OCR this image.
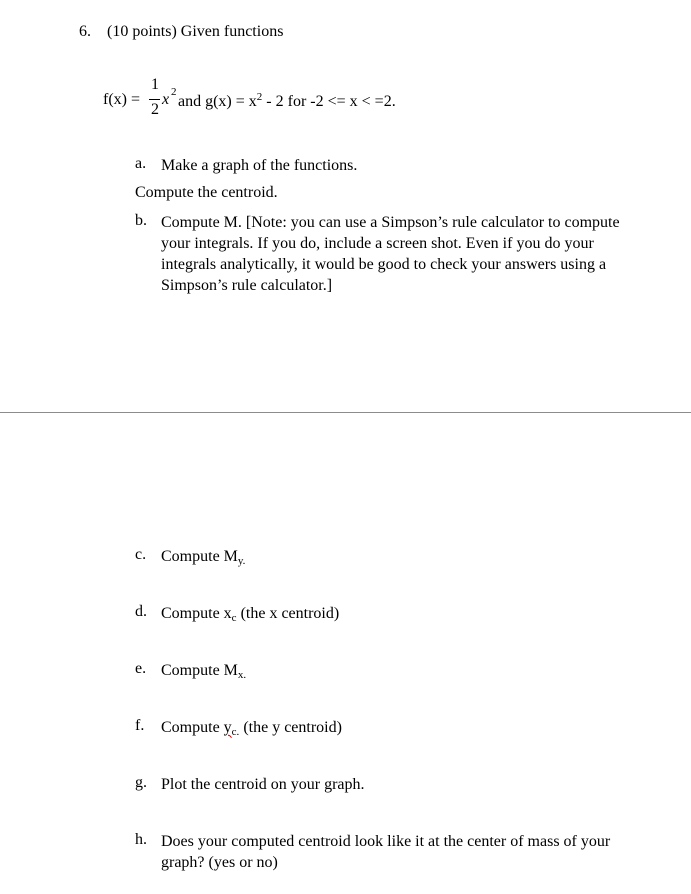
6. (10 points) Given functions
f(x) =
1
2
x 2
and $g(x) = x^2 - 2$ for -2 <= x < =2.
a. Make a graph of the functions.
Compute the centroid.
b. Compute M. [Note: you can use a Simpson’s rule calculator to compute
your integrals. If you do, include a screen shot. Even if you do your
integrals analytically, it would be good to check your answers using a
Simpson’s rule calculator.]
c. Compute $M_{y.}$
d. Compute $x_c$ (the x centroid)
e. Compute $M_{x.}$
f. Compute $y_{c.}$ (the y centroid)
g. Plot the centroid on your graph.
h. Does your computed centroid look like it at the center of mass of your
graph? (yes or no)
